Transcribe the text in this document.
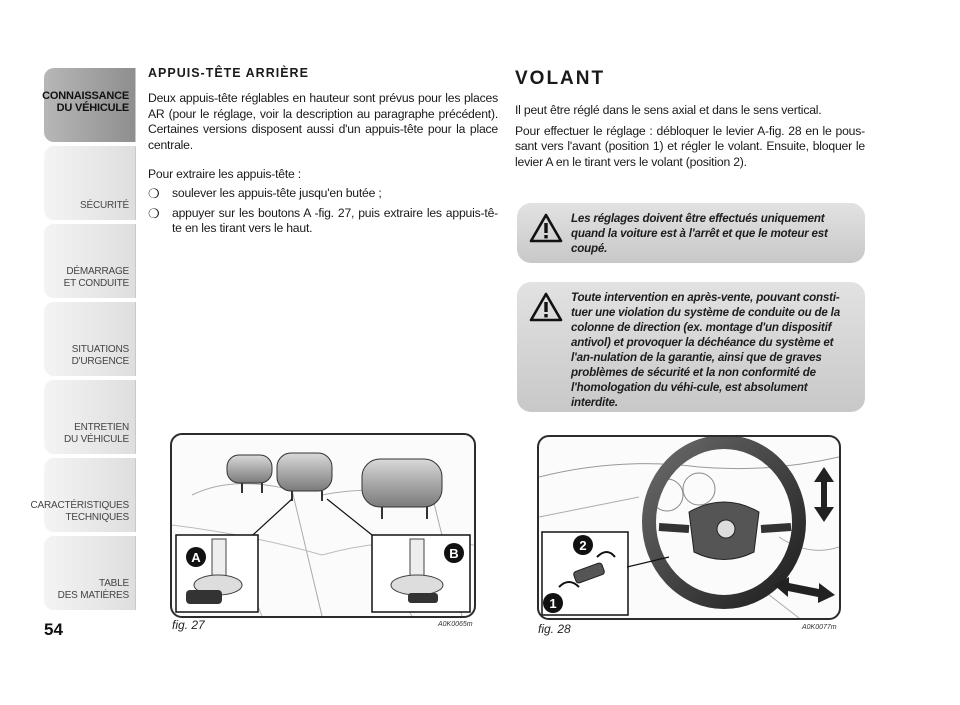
CONNAISSANCE
DU VÉHICULE
SÉCURITÉ
DÉMARRAGE
ET CONDUITE
SITUATIONS
D'URGENCE
ENTRETIEN
DU VÉHICULE
CARACTÉRISTIQUES
TECHNIQUES
TABLE
DES MATIÈRES
54
APPUIS-TÊTE ARRIÈRE

Deux appuis-tête réglables en hauteur sont prévus pour les places AR (pour le réglage, voir la description au paragraphe précédent). Certaines versions disposent aussi d'un appuis-tête pour la place centrale.

Pour extraire les appuis-tête :

❍ soulever les appuis-tête jusqu'en butée ;
❍ appuyer sur les boutons A -fig. 27, puis extraire les appuis-tê-te en les tirant vers le haut.
VOLANT

Il peut être réglé dans le sens axial et dans le sens vertical.

Pour effectuer le réglage : débloquer le levier A-fig. 28 en le pous-sant vers l'avant (position 1) et régler le volant. Ensuite, bloquer le levier A en le tirant vers le volant (position 2).

Les réglages doivent être effectués uniquement quand la voiture est à l'arrêt et que le moteur est coupé.
Toute intervention en après-vente, pouvant consti-tuer une violation du système de conduite ou de la colonne de direction (ex. montage d'un dispositif antivol) et provoquer la déchéance du système et l'an-nulation de la garantie, ainsi que de graves problèmes de sécurité et la non conformité de l'homologation du véhi-cule, est absolument interdite.
A	B
fig. 27	A0K0065m
2
1
fig. 28	A0K0077m
